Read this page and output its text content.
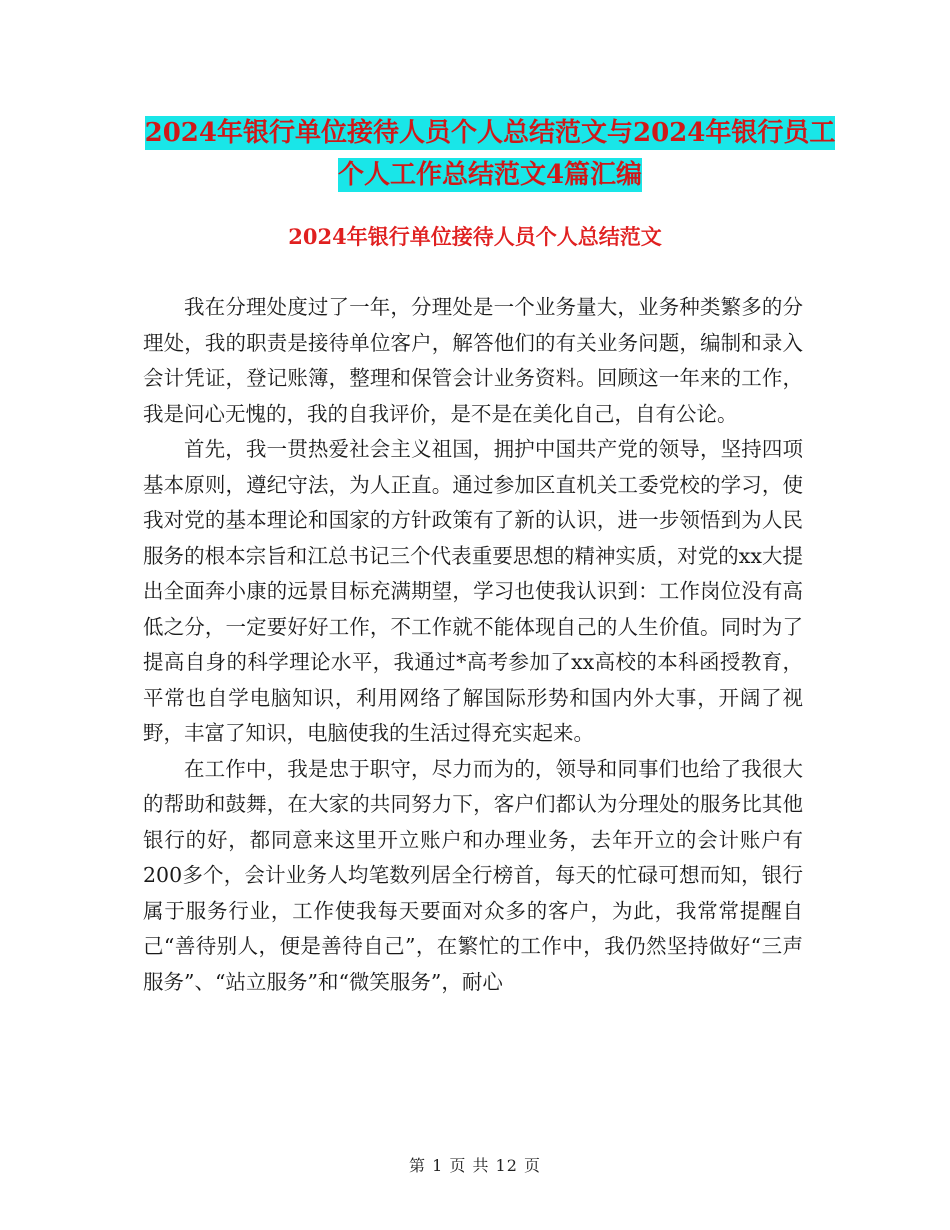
2024年银行单位接待人员个人总结范文与2024年银行员工个人工作总结范文4篇汇编
2024年银行单位接待人员个人总结范文

我在分理处度过了一年，分理处是一个业务量大，业务种类繁多的分理处，我的职责是接待单位客户，解答他们的有关业务问题，编制和录入会计凭证，登记账簿，整理和保管会计业务资料。回顾这一年来的工作，我是问心无愧的，我的自我评价，是不是在美化自己，自有公论。

首先，我一贯热爱社会主义祖国，拥护中国共产党的领导，坚持四项基本原则，遵纪守法，为人正直。通过参加区直机关工委党校的学习，使我对党的基本理论和国家的方针政策有了新的认识，进一步领悟到为人民服务的根本宗旨和江总书记三个代表重要思想的精神实质，对党的xx大提出全面奔小康的远景目标充满期望，学习也使我认识到：工作岗位没有高低之分，一定要好好工作，不工作就不能体现自己的人生价值。同时为了提高自身的科学理论水平，我通过*高考参加了xx高校的本科函授教育，平常也自学电脑知识，利用网络了解国际形势和国内外大事，开阔了视野，丰富了知识，电脑使我的生活过得充实起来。

在工作中，我是忠于职守，尽力而为的，领导和同事们也给了我很大的帮助和鼓舞，在大家的共同努力下，客户们都认为分理处的服务比其他银行的好，都同意来这里开立账户和办理业务，去年开立的会计账户有200多个，会计业务人均笔数列居全行榜首，每天的忙碌可想而知，银行属于服务行业，工作使我每天要面对众多的客户，为此，我常常提醒自己“善待别人，便是善待自己”，在繁忙的工作中，我仍然坚持做好“三声服务”、“站立服务”和“微笑服务”，耐心

第 1 页 共 12 页
